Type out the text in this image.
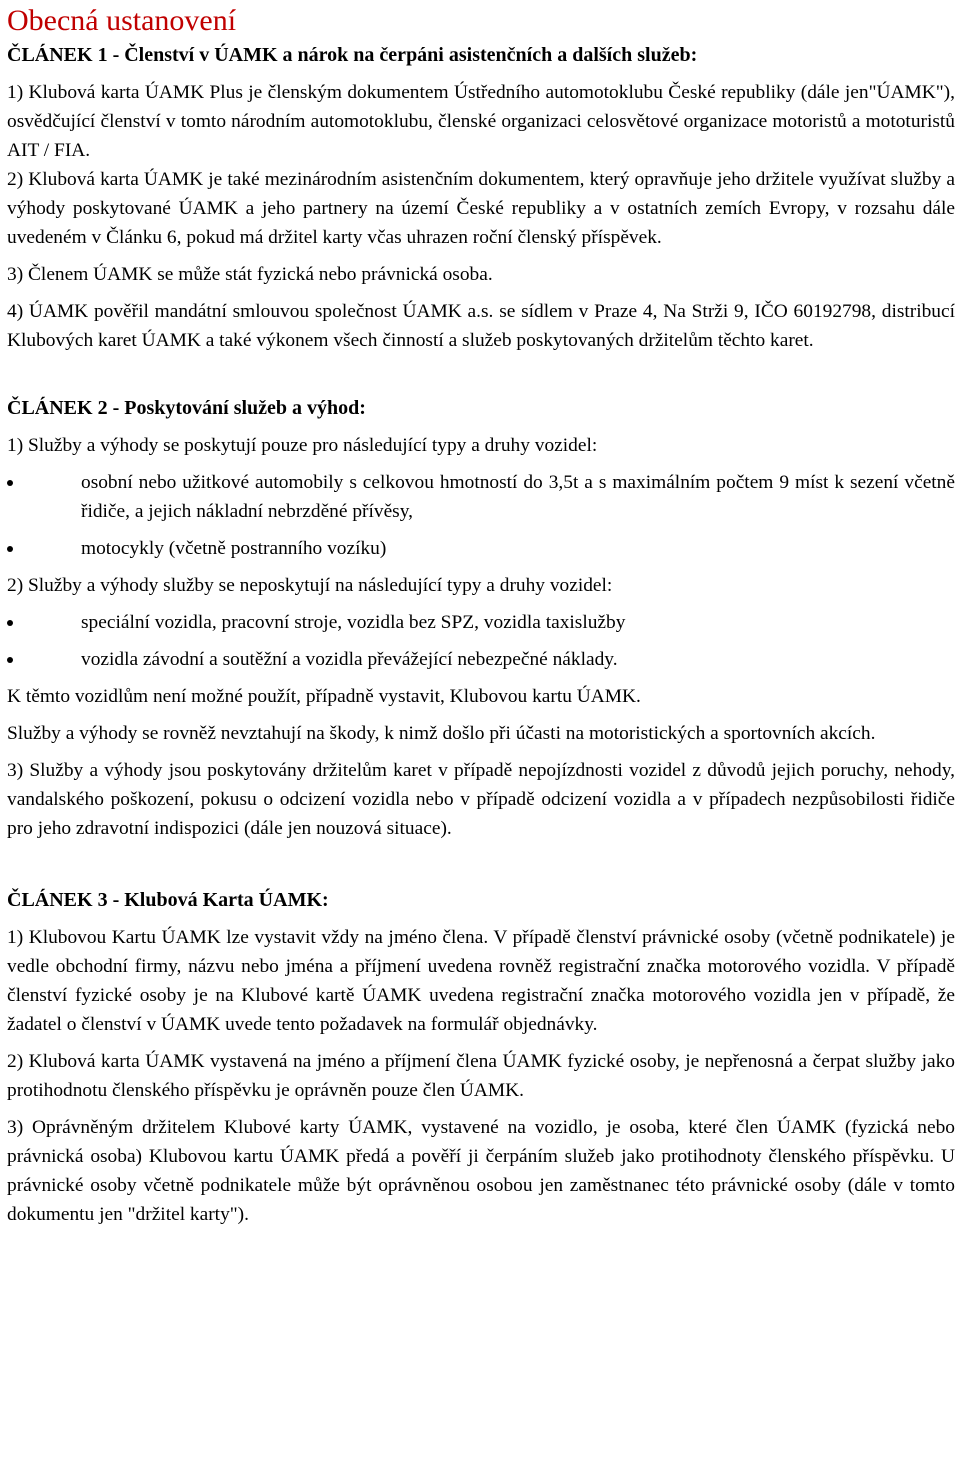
Obecná ustanovení
ČLÁNEK 1 - Členství v ÚAMK a nárok na čerpáni asistenčních a dalších služeb:

1) Klubová karta ÚAMK Plus je členským dokumentem Ústředního automotoklubu České republiky (dále jen"ÚAMK"), osvědčující členství v tomto národním automotoklubu, členské organizaci celosvětové organizace motoristů a mototuristů AIT / FIA.

2) Klubová karta ÚAMK je také mezinárodním asistenčním dokumentem, který opravňuje jeho držitele využívat služby a výhody poskytované ÚAMK a jeho partnery na území České republiky a v ostatních zemích Evropy, v rozsahu dále uvedeném v Článku 6, pokud má držitel karty včas uhrazen roční členský příspěvek.

3) Členem ÚAMK se může stát fyzická nebo právnická osoba.

4) ÚAMK pověřil mandátní smlouvou společnost ÚAMK a.s. se sídlem v Praze 4, Na Strži 9, IČO 60192798, distribucí Klubových karet ÚAMK a také výkonem všech činností a služeb poskytovaných držitelům těchto karet.

ČLÁNEK 2 - Poskytování služeb a výhod:

1) Služby a výhody se poskytují pouze pro následující typy a druhy vozidel:

osobní nebo užitkové automobily s celkovou hmotností do 3,5t a s maximálním počtem 9 míst k sezení včetně řidiče, a jejich nákladní nebrzděné přívěsy,
motocykly (včetně postranního vozíku)

2) Služby a výhody služby se neposkytují na následující typy a druhy vozidel:

speciální vozidla, pracovní stroje, vozidla bez SPZ, vozidla taxislužby
vozidla závodní a soutěžní a vozidla převážející nebezpečné náklady.

K těmto vozidlům není možné použít, případně vystavit, Klubovou kartu ÚAMK.

Služby a výhody se rovněž nevztahují na škody, k nimž došlo při účasti na motoristických a sportovních akcích.

3) Služby a výhody jsou poskytovány držitelům karet v případě nepojízdnosti vozidel z důvodů jejich poruchy, nehody, vandalského poškození, pokusu o odcizení vozidla nebo v případě odcizení vozidla a v případech nezpůsobilosti řidiče pro jeho zdravotní indispozici (dále jen nouzová situace).

ČLÁNEK 3 - Klubová Karta ÚAMK:

1) Klubovou Kartu ÚAMK lze vystavit vždy na jméno člena. V případě členství právnické osoby (včetně podnikatele) je vedle obchodní firmy, názvu nebo jména a příjmení uvedena rovněž registrační značka motorového vozidla. V případě členství fyzické osoby je na Klubové kartě ÚAMK uvedena registrační značka motorového vozidla jen v případě, že žadatel o členství v ÚAMK uvede tento požadavek na formulář objednávky.

2) Klubová karta ÚAMK vystavená na jméno a příjmení člena ÚAMK fyzické osoby, je nepřenosná a čerpat služby jako protihodnotu členského příspěvku je oprávněn pouze člen ÚAMK.

3) Oprávněným držitelem Klubové karty ÚAMK, vystavené na vozidlo, je osoba, které člen ÚAMK (fyzická nebo právnická osoba) Klubovou kartu ÚAMK předá a pověří ji čerpáním služeb jako protihodnoty členského příspěvku. U právnické osoby včetně podnikatele může být oprávněnou osobou jen zaměstnanec této právnické osoby (dále v tomto dokumentu jen "držitel karty").
